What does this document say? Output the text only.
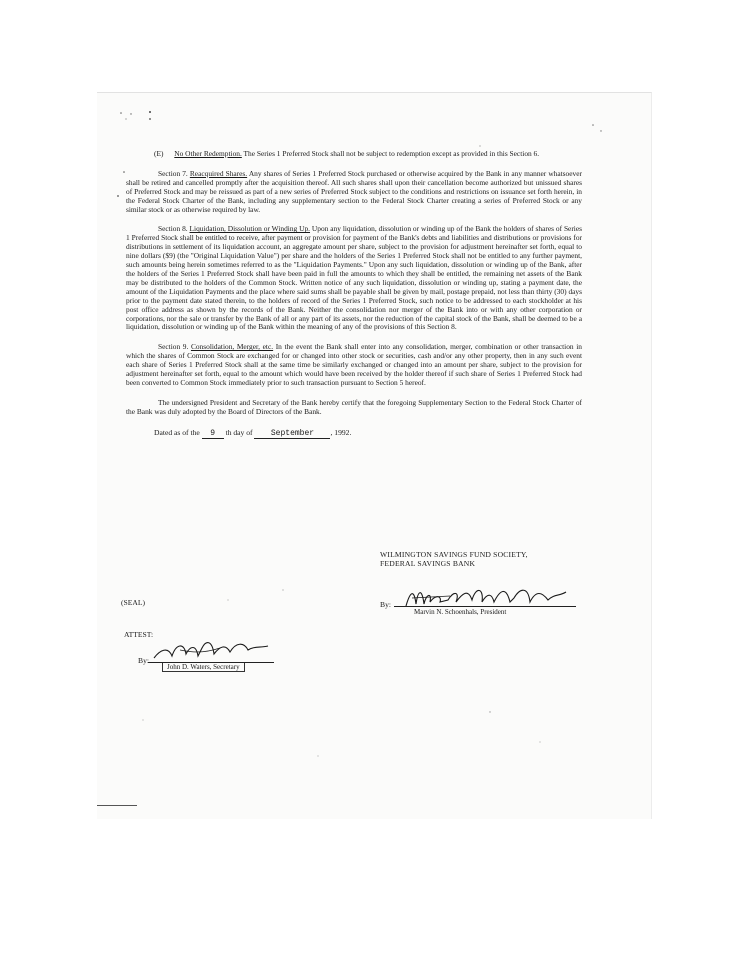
(E) No Other Redemption. The Series 1 Preferred Stock shall not be subject to redemption except as provided in this Section 6.

Section 7. Reacquired Shares. Any shares of Series 1 Preferred Stock purchased or otherwise acquired by the Bank in any manner whatsoever shall be retired and cancelled promptly after the acquisition thereof. All such shares shall upon their cancellation become authorized but unissued shares of Preferred Stock and may be reissued as part of a new series of Preferred Stock subject to the conditions and restrictions on issuance set forth herein, in the Federal Stock Charter of the Bank, including any supplementary section to the Federal Stock Charter creating a series of Preferred Stock or any similar stock or as otherwise required by law.

Section 8. Liquidation, Dissolution or Winding Up. Upon any liquidation, dissolution or winding up of the Bank the holders of shares of Series 1 Preferred Stock shall be entitled to receive, after payment or provision for payment of the Bank's debts and liabilities and distributions or provisions for distributions in settlement of its liquidation account, an aggregate amount per share, subject to the provision for adjustment hereinafter set forth, equal to nine dollars ($9) (the "Original Liquidation Value") per share and the holders of the Series 1 Preferred Stock shall not be entitled to any further payment, such amounts being herein sometimes referred to as the "Liquidation Payments." Upon any such liquidation, dissolution or winding up of the Bank, after the holders of the Series 1 Preferred Stock shall have been paid in full the amounts to which they shall be entitled, the remaining net assets of the Bank may be distributed to the holders of the Common Stock. Written notice of any such liquidation, dissolution or winding up, stating a payment date, the amount of the Liquidation Payments and the place where said sums shall be payable shall be given by mail, postage prepaid, not less than thirty (30) days prior to the payment date stated therein, to the holders of record of the Series 1 Preferred Stock, such notice to be addressed to each stockholder at his post office address as shown by the records of the Bank. Neither the consolidation nor merger of the Bank into or with any other corporation or corporations, nor the sale or transfer by the Bank of all or any part of its assets, nor the reduction of the capital stock of the Bank, shall be deemed to be a liquidation, dissolution or winding up of the Bank within the meaning of any of the provisions of this Section 8.

Section 9. Consolidation, Merger, etc. In the event the Bank shall enter into any consolidation, merger, combination or other transaction in which the shares of Common Stock are exchanged for or changed into other stock or securities, cash and/or any other property, then in any such event each share of Series 1 Preferred Stock shall at the same time be similarly exchanged or changed into an amount per share, subject to the provision for adjustment hereinafter set forth, equal to the amount which would have been received by the holder thereof if such share of Series 1 Preferred Stock had been converted to Common Stock immediately prior to such transaction pursuant to Section 5 hereof.

The undersigned President and Secretary of the Bank hereby certify that the foregoing Supplementary Section to the Federal Stock Charter of the Bank was duly adopted by the Board of Directors of the Bank.

Dated as of the 9 th day of September , 1992.
WILMINGTON SAVINGS FUND SOCIETY,
FEDERAL SAVINGS BANK
By:
Marvin N. Schoenhals, President
(SEAL)
ATTEST:
By:
John D. Waters, Secretary
